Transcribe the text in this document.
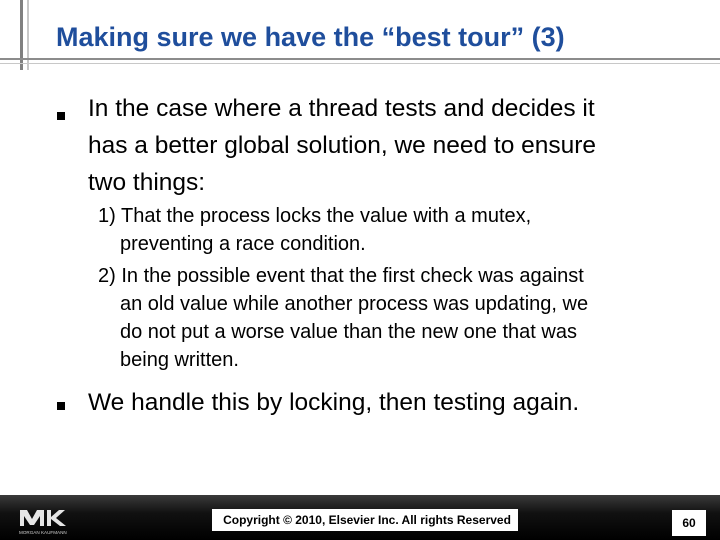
Making sure we have the “best tour” (3)
In the case where a thread tests and decides it
has a better global solution, we need to ensure
two things:
1) That the process locks the value with a mutex,
preventing a race condition.
2) In the possible event that the first check was against
an old value while another process was updating, we
do not put a worse value than the new one that was
being written.
We handle this by locking, then testing again.
MORGAN KAUFMANN
Copyright © 2010, Elsevier Inc. All rights Reserved	60
